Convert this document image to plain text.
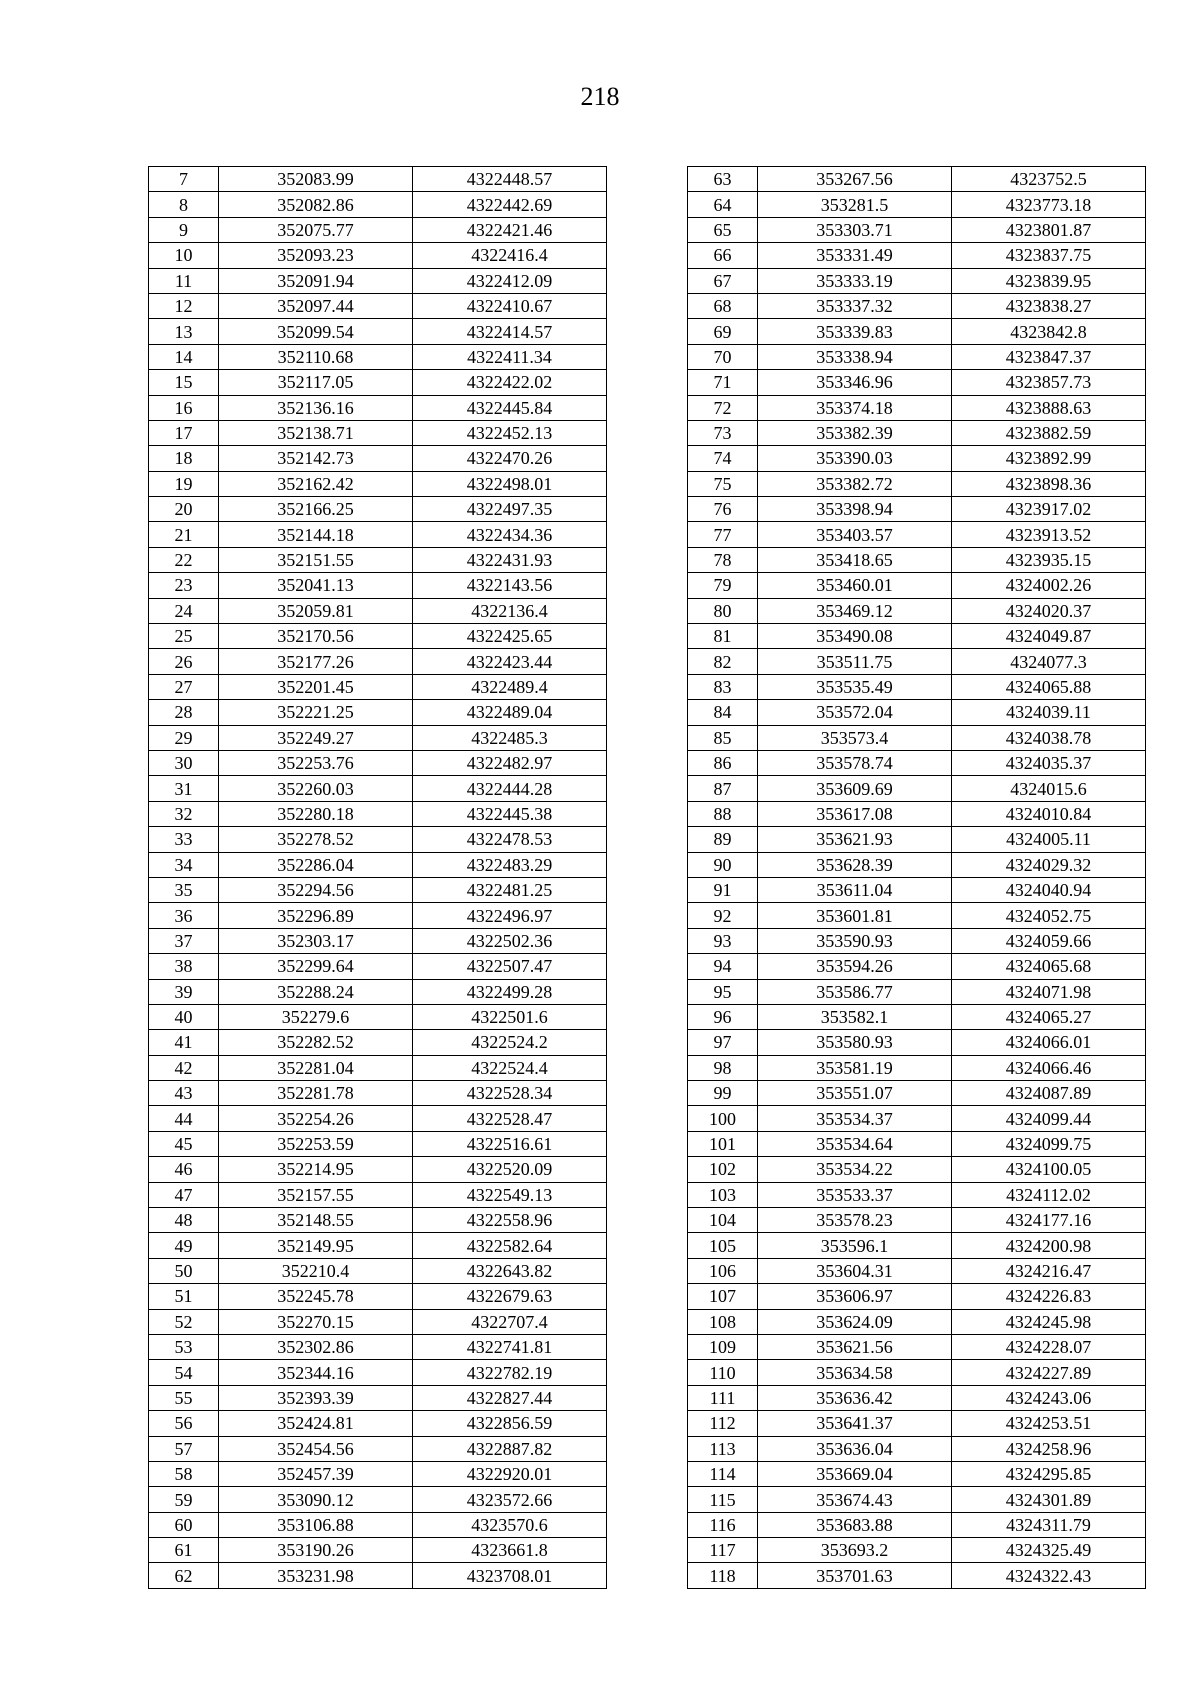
218
7	352083.99	4322448.57
8	352082.86	4322442.69
9	352075.77	4322421.46
10	352093.23	4322416.4
11	352091.94	4322412.09
12	352097.44	4322410.67
13	352099.54	4322414.57
14	352110.68	4322411.34
15	352117.05	4322422.02
16	352136.16	4322445.84
17	352138.71	4322452.13
18	352142.73	4322470.26
19	352162.42	4322498.01
20	352166.25	4322497.35
21	352144.18	4322434.36
22	352151.55	4322431.93
23	352041.13	4322143.56
24	352059.81	4322136.4
25	352170.56	4322425.65
26	352177.26	4322423.44
27	352201.45	4322489.4
28	352221.25	4322489.04
29	352249.27	4322485.3
30	352253.76	4322482.97
31	352260.03	4322444.28
32	352280.18	4322445.38
33	352278.52	4322478.53
34	352286.04	4322483.29
35	352294.56	4322481.25
36	352296.89	4322496.97
37	352303.17	4322502.36
38	352299.64	4322507.47
39	352288.24	4322499.28
40	352279.6	4322501.6
41	352282.52	4322524.2
42	352281.04	4322524.4
43	352281.78	4322528.34
44	352254.26	4322528.47
45	352253.59	4322516.61
46	352214.95	4322520.09
47	352157.55	4322549.13
48	352148.55	4322558.96
49	352149.95	4322582.64
50	352210.4	4322643.82
51	352245.78	4322679.63
52	352270.15	4322707.4
53	352302.86	4322741.81
54	352344.16	4322782.19
55	352393.39	4322827.44
56	352424.81	4322856.59
57	352454.56	4322887.82
58	352457.39	4322920.01
59	353090.12	4323572.66
60	353106.88	4323570.6
61	353190.26	4323661.8
62	353231.98	4323708.01
63	353267.56	4323752.5
64	353281.5	4323773.18
65	353303.71	4323801.87
66	353331.49	4323837.75
67	353333.19	4323839.95
68	353337.32	4323838.27
69	353339.83	4323842.8
70	353338.94	4323847.37
71	353346.96	4323857.73
72	353374.18	4323888.63
73	353382.39	4323882.59
74	353390.03	4323892.99
75	353382.72	4323898.36
76	353398.94	4323917.02
77	353403.57	4323913.52
78	353418.65	4323935.15
79	353460.01	4324002.26
80	353469.12	4324020.37
81	353490.08	4324049.87
82	353511.75	4324077.3
83	353535.49	4324065.88
84	353572.04	4324039.11
85	353573.4	4324038.78
86	353578.74	4324035.37
87	353609.69	4324015.6
88	353617.08	4324010.84
89	353621.93	4324005.11
90	353628.39	4324029.32
91	353611.04	4324040.94
92	353601.81	4324052.75
93	353590.93	4324059.66
94	353594.26	4324065.68
95	353586.77	4324071.98
96	353582.1	4324065.27
97	353580.93	4324066.01
98	353581.19	4324066.46
99	353551.07	4324087.89
100	353534.37	4324099.44
101	353534.64	4324099.75
102	353534.22	4324100.05
103	353533.37	4324112.02
104	353578.23	4324177.16
105	353596.1	4324200.98
106	353604.31	4324216.47
107	353606.97	4324226.83
108	353624.09	4324245.98
109	353621.56	4324228.07
110	353634.58	4324227.89
111	353636.42	4324243.06
112	353641.37	4324253.51
113	353636.04	4324258.96
114	353669.04	4324295.85
115	353674.43	4324301.89
116	353683.88	4324311.79
117	353693.2	4324325.49
118	353701.63	4324322.43
